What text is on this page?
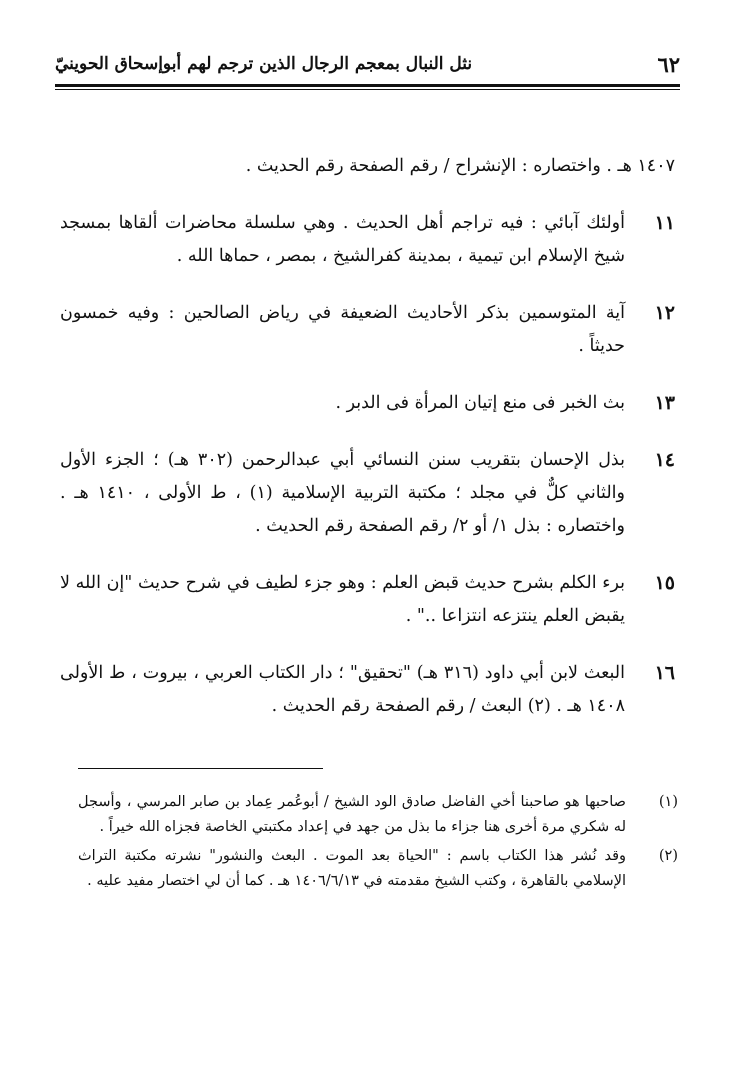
٦٢
نثل النبال بمعجم الرجال الذين ترجم لهم أبوإسحاق الحوينيّ
١٤٠٧ هـ . واختصاره : الإنشراح / رقم الصفحة رقم الحديث .
١١
أولئك آبائي : فيه تراجم أهل الحديث . وهي سلسلة محاضرات ألقاها بمسجد شيخ الإسلام ابن تيمية ، بمدينة كفرالشيخ ، بمصر ، حماها الله .
١٢
آية المتوسمين بذكر الأحاديث الضعيفة في رياض الصالحين : وفيه خمسون حديثاً .
١٣
بث الخبر فى منع إتيان المرأة فى الدبر .
١٤
بذل الإحسان بتقريب سنن النسائي أبي عبدالرحمن (٣٠٢ هـ) ؛ الجزء الأول والثاني كلٌّ في مجلد ؛ مكتبة التربية الإسلامية (١) ، ط الأولى ، ١٤١٠ هـ . واختصاره : بذل ١/ أو ٢/ رقم الصفحة رقم الحديث .
١٥
برء الكلم بشرح حديث قبض العلم : وهو جزء لطيف في شرح حديث "إن الله لا يقبض العلم ينتزعه انتزاعا .." .
١٦
البعث لابن أبي داود (٣١٦ هـ) "تحقيق" ؛ دار الكتاب العربي ، بيروت ، ط الأولى ١٤٠٨ هـ . (٢) البعث / رقم الصفحة رقم الحديث .
(١)
صاحبها هو صاحبنا أخي الفاضل صادق الود الشيخ / أبوعُمر عِماد بن صابر المرسي ، وأسجل له شكري مرة أخرى هنا جزاء ما بذل من جهد في إعداد مكتبتي الخاصة فجزاه الله خيراً .
(٢)
وقد نُشر هذا الكتاب باسم : "الحياة بعد الموت . البعث والنشور" نشرته مكتبة التراث الإسلامي بالقاهرة ، وكتب الشيخ مقدمته في ١٤٠٦/٦/١٣ هـ . كما أن لي اختصار مفيد عليه .
